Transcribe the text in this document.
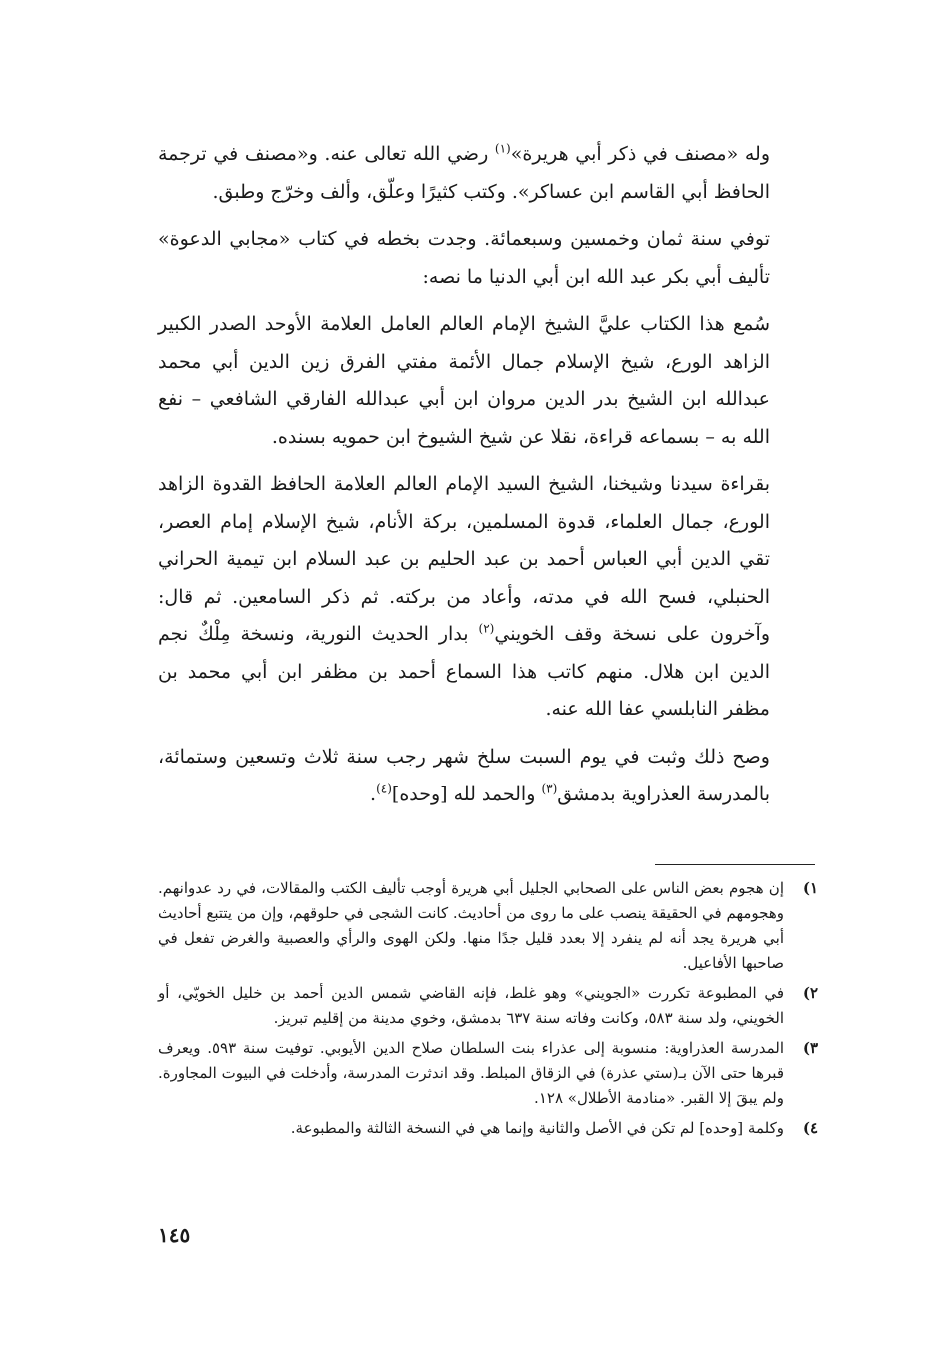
وله «مصنف في ذكر أبي هريرة»$^{(١)}$ رضي الله تعالى عنه. و«مصنف في ترجمة الحافظ أبي القاسم ابن عساكر». وكتب كثيرًا وعلّق، وألف وخرّج وطبق.

توفي سنة ثمان وخمسين وسبعمائة. وجدت بخطه في كتاب «مجابي الدعوة» تأليف أبي بكر عبد الله ابن أبي الدنيا ما نصه:

سُمع هذا الكتاب عليَّ الشيخ الإمام العالم العامل العلامة الأوحد الصدر الكبير الزاهد الورع، شيخ الإسلام جمال الأئمة مفتي الفرق زين الدين أبي محمد عبدالله ابن الشيخ بدر الدين مروان ابن أبي عبدالله الفارقي الشافعي – نفع الله به – بسماعه قراءة، نقلا عن شيخ الشيوخ ابن حمويه بسنده.

بقراءة سيدنا وشيخنا، الشيخ السيد الإمام العالم العلامة الحافظ القدوة الزاهد الورع، جمال العلماء، قدوة المسلمين، بركة الأنام، شيخ الإسلام إمام العصر، تقي الدين أبي العباس أحمد بن عبد الحليم بن عبد السلام ابن تيمية الحراني الحنبلي، فسح الله في مدته، وأعاد من بركته. ثم ذكر السامعين. ثم قال: وآخرون على نسخة وقف الخويني$^{(٢)}$ بدار الحديث النورية، ونسخة مِلْكٌ نجم الدين ابن هلال. منهم كاتب هذا السماع أحمد بن مظفر ابن أبي محمد بن مظفر النابلسي عفا الله عنه.

وصح ذلك وثبت في يوم السبت سلخ شهر رجب سنة ثلاث وتسعين وستمائة، بالمدرسة العذراوية بدمشق$^{(٣)}$ والحمد لله [وحده]$^{(٤)}$.

١)
إن هجوم بعض الناس على الصحابي الجليل أبي هريرة أوجب تأليف الكتب والمقالات، في رد عدوانهم. وهجومهم في الحقيقة ينصب على ما روى من أحاديث. كانت الشجى في حلوقهم، وإن من يتتبع أحاديث أبي هريرة يجد أنه لم ينفرد إلا بعدد قليل جدًا منها. ولكن الهوى والرأي والعصبية والغرض تفعل في صاحبها الأفاعيل.
٢)
في المطبوعة تكررت «الجويني» وهو غلط، فإنه القاضي شمس الدين أحمد بن خليل الخويّي، أو الخويني، ولد سنة ٥٨٣، وكانت وفاته سنة ٦٣٧ بدمشق، وخوي مدينة من إقليم تبريز.
٣)
المدرسة العذراوية: منسوبة إلى عذراء بنت السلطان صلاح الدين الأيوبي. توفيت سنة ٥٩٣. ويعرف قبرها حتى الآن بـ(ستي عذرة) في الزقاق المبلط. وقد اندثرت المدرسة، وأدخلت في البيوت المجاورة. ولم يبقَ إلا القبر. «منادمة الأطلال» ١٢٨.
٤)
وكلمة [وحده] لم تكن في الأصل والثانية وإنما هي في النسخة الثالثة والمطبوعة.
١٤٥
